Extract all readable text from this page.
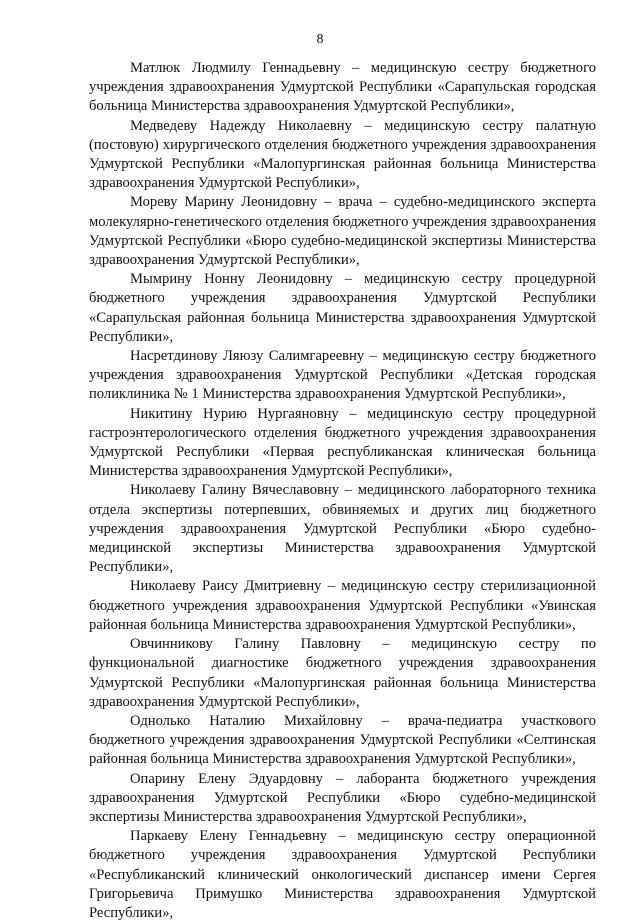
8

Матлюк Людмилу Геннадьевну – медицинскую сестру бюджетного учреждения здравоохранения Удмуртской Республики «Сарапульская городская больница Министерства здравоохранения Удмуртской Республики»,

Медведеву Надежду Николаевну – медицинскую сестру палатную (постовую) хирургического отделения бюджетного учреждения здравоохранения Удмуртской Республики «Малопургинская районная больница Министерства здравоохранения Удмуртской Республики»,

Мореву Марину Леонидовну – врача – судебно-медицинского эксперта молекулярно-генетического отделения бюджетного учреждения здравоохранения Удмуртской Республики «Бюро судебно-медицинской экспертизы Министерства здравоохранения Удмуртской Республики»,

Мымрину Нонну Леонидовну – медицинскую сестру процедурной бюджетного учреждения здравоохранения Удмуртской Республики «Сарапульская районная больница Министерства здравоохранения Удмуртской Республики»,

Насретдинову Ляюзу Салимгареевну – медицинскую сестру бюджетного учреждения здравоохранения Удмуртской Республики «Детская городская поликлиника № 1 Министерства здравоохранения Удмуртской Республики»,

Никитину Нурию Нургаяновну – медицинскую сестру процедурной гастроэнтерологического отделения бюджетного учреждения здравоохранения Удмуртской Республики «Первая республиканская клиническая больница Министерства здравоохранения Удмуртской Республики»,

Николаеву Галину Вячеславовну – медицинского лабораторного техника отдела экспертизы потерпевших, обвиняемых и других лиц бюджетного учреждения здравоохранения Удмуртской Республики «Бюро судебно-медицинской экспертизы Министерства здравоохранения Удмуртской Республики»,

Николаеву Раису Дмитриевну – медицинскую сестру стерилизационной бюджетного учреждения здравоохранения Удмуртской Республики «Увинская районная больница Министерства здравоохранения Удмуртской Республики»,

Овчинникову Галину Павловну – медицинскую сестру по функциональной диагностике бюджетного учреждения здравоохранения Удмуртской Республики «Малопургинская районная больница Министерства здравоохранения Удмуртской Республики»,

Однолько Наталию Михайловну – врача-педиатра участкового бюджетного учреждения здравоохранения Удмуртской Республики «Селтинская районная больница Министерства здравоохранения Удмуртской Республики»,

Опарину Елену Эдуардовну – лаборанта бюджетного учреждения здравоохранения Удмуртской Республики «Бюро судебно-медицинской экспертизы Министерства здравоохранения Удмуртской Республики»,

Паркаеву Елену Геннадьевну – медицинскую сестру операционной бюджетного учреждения здравоохранения Удмуртской Республики «Республиканский клинический онкологический диспансер имени Сергея Григорьевича Примушко Министерства здравоохранения Удмуртской Республики»,
